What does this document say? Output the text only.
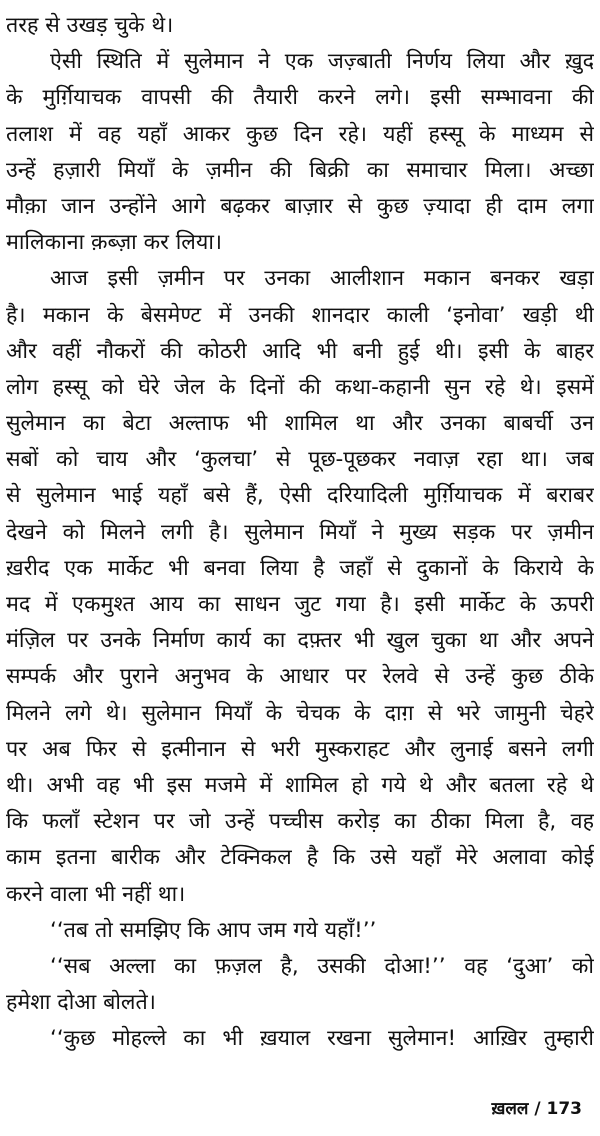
तरह से उखड़ चुके थे।
ऐसी स्थिति में सुलेमान ने एक जज़्बाती निर्णय लिया और ख़ुद
के मुर्ग़ियाचक वापसी की तैयारी करने लगे। इसी सम्भावना की
तलाश में वह यहाँ आकर कुछ दिन रहे। यहीं हस्सू के माध्यम से
उन्हें हज़ारी मियाँ के ज़मीन की बिक्री का समाचार मिला। अच्छा
मौक़ा जान उन्होंने आगे बढ़कर बाज़ार से कुछ ज़्यादा ही दाम लगा
मालिकाना क़ब्ज़ा कर लिया।
आज इसी ज़मीन पर उनका आलीशान मकान बनकर खड़ा
है। मकान के बेसमेण्ट में उनकी शानदार काली ‘इनोवा’ खड़ी थी
और वहीं नौकरों की कोठरी आदि भी बनी हुई थी। इसी के बाहर
लोग हस्सू को घेरे जेल के दिनों की कथा-कहानी सुन रहे थे। इसमें
सुलेमान का बेटा अल्ताफ भी शामिल था और उनका बाबर्ची उन
सबों को चाय और ‘कुलचा’ से पूछ-पूछकर नवाज़ रहा था। जब
से सुलेमान भाई यहाँ बसे हैं, ऐसी दरियादिली मुर्ग़ियाचक में बराबर
देखने को मिलने लगी है। सुलेमान मियाँ ने मुख्य सड़क पर ज़मीन
ख़रीद एक मार्केट भी बनवा लिया है जहाँ से दुकानों के किराये के
मद में एकमुश्त आय का साधन जुट गया है। इसी मार्केट के ऊपरी
मंज़िल पर उनके निर्माण कार्य का दफ़्तर भी खुल चुका था और अपने
सम्पर्क और पुराने अनुभव के आधार पर रेलवे से उन्हें कुछ ठीके
मिलने लगे थे। सुलेमान मियाँ के चेचक के दाग़ से भरे जामुनी चेहरे
पर अब फिर से इत्मीनान से भरी मुस्कराहट और लुनाई बसने लगी
थी। अभी वह भी इस मजमे में शामिल हो गये थे और बतला रहे थे
कि फलाँ स्टेशन पर जो उन्हें पच्चीस करोड़ का ठीका मिला है, वह
काम इतना बारीक और टेक्निकल है कि उसे यहाँ मेरे अलावा कोई
करने वाला भी नहीं था।
‘‘तब तो समझिए कि आप जम गये यहाँ!’’
‘‘सब अल्ला का फ़ज़ल है, उसकी दोआ!’’ वह ‘दुआ’ को
हमेशा दोआ बोलते।
‘‘कुछ मोहल्ले का भी ख़याल रखना सुलेमान! आख़िर तुम्हारी
ख़लल / 173
